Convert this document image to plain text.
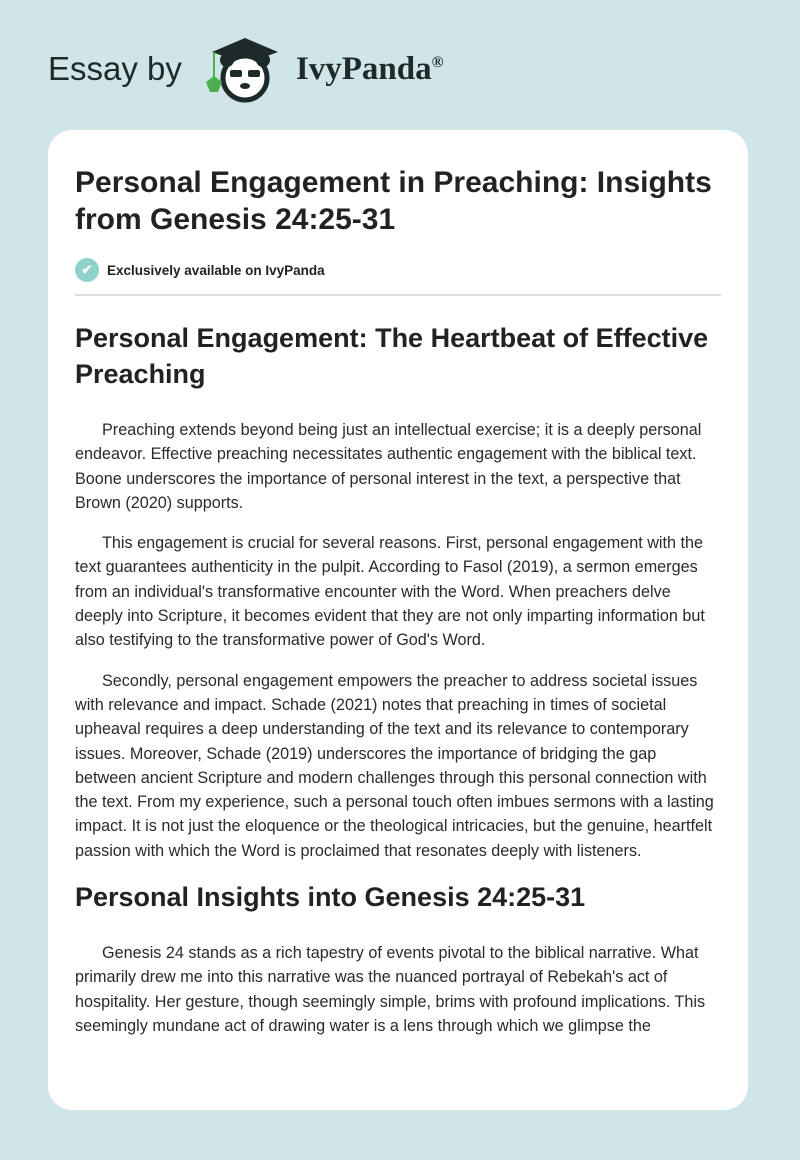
Essay by	IvyPanda®
Personal Engagement in Preaching: Insights from Genesis 24:25-31
✔	Exclusively available on IvyPanda
Personal Engagement: The Heartbeat of Effective Preaching

Preaching extends beyond being just an intellectual exercise; it is a deeply personal endeavor. Effective preaching necessitates authentic engagement with the biblical text. Boone underscores the importance of personal interest in the text, a perspective that Brown (2020) supports.

This engagement is crucial for several reasons. First, personal engagement with the text guarantees authenticity in the pulpit. According to Fasol (2019), a sermon emerges from an individual's transformative encounter with the Word. When preachers delve deeply into Scripture, it becomes evident that they are not only imparting information but also testifying to the transformative power of God's Word.

Secondly, personal engagement empowers the preacher to address societal issues with relevance and impact. Schade (2021) notes that preaching in times of societal upheaval requires a deep understanding of the text and its relevance to contemporary issues. Moreover, Schade (2019) underscores the importance of bridging the gap between ancient Scripture and modern challenges through this personal connection with the text. From my experience, such a personal touch often imbues sermons with a lasting impact. It is not just the eloquence or the theological intricacies, but the genuine, heartfelt passion with which the Word is proclaimed that resonates deeply with listeners.

Personal Insights into Genesis 24:25-31

Genesis 24 stands as a rich tapestry of events pivotal to the biblical narrative. What primarily drew me into this narrative was the nuanced portrayal of Rebekah's act of hospitality. Her gesture, though seemingly simple, brims with profound implications. This seemingly mundane act of drawing water is a lens through which we glimpse the
